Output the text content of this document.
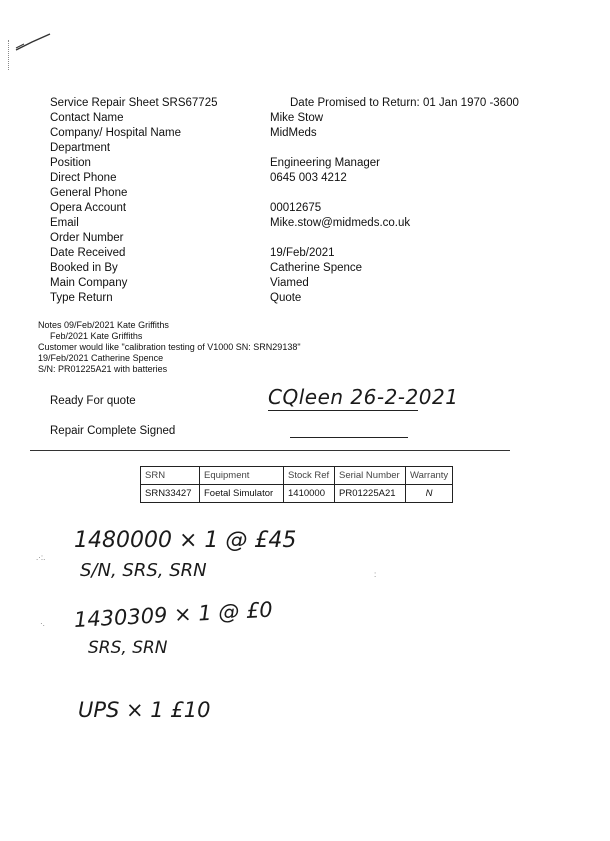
Service Repair Sheet SRS67725	Date Promised to Return: 01 Jan 1970 -3600
Contact Name	Mike Stow
Company/ Hospital Name	MidMeds
Department
Position	Engineering Manager
Direct Phone	0645 003 4212
General Phone
Opera Account	00012675
Email	Mike.stow@midmeds.co.uk
Order Number
Date Received	19/Feb/2021
Booked in By	Catherine Spence
Main Company	Viamed
Type Return	Quote
Notes 09/Feb/2021 Kate Griffiths
Feb/2021 Kate Griffiths
Customer would like "calibration testing of V1000 SN: SRN29138"
19/Feb/2021 Catherine Spence
S/N: PR01225A21 with batteries
Ready For quote	CQleen 26-2-2021
Repair Complete Signed
SRN	Equipment	Stock Ref	Serial Number	Warranty
SRN33427	Foetal Simulator	1410000	PR01225A21	N
.·:.
:
·.
1480000 × 1 @ £45
S/N, SRS, SRN
1430309 × 1 @ £0
SRS, SRN
UPS × 1 £10
